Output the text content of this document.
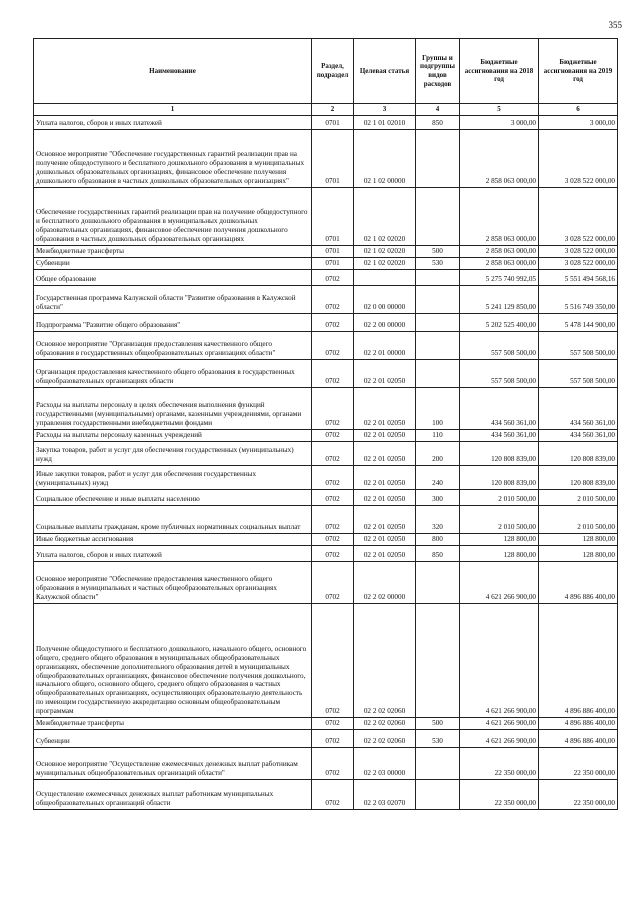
355
Наименование	Раздел, подраздел	Целевая статья	Группы и подгруппы видов расходов	Бюджетные ассигнования на 2018 год	Бюджетные ассигнования на 2019 год
1	2	3	4	5	6
Уплата налогов, сборов и иных платежей	0701	02 1 01 02010	850	3 000,00	3 000,00
Основное мероприятие "Обеспечение государственных гарантий реализации прав на получение общедоступного и бесплатного дошкольного образования в муниципальных дошкольных образовательных организациях, финансовое обеспечение получения дошкольного образования в частных дошкольных образовательных организациях"	0701	02 1 02 00000		2 858 063 000,00	3 028 522 000,00
Обеспечение государственных гарантий реализации прав на получение общедоступного и бесплатного дошкольного образования в муниципальных дошкольных образовательных организациях, финансовое обеспечение получения дошкольного образования в частных дошкольных образовательных организациях	0701	02 1 02 02020		2 858 063 000,00	3 028 522 000,00
Межбюджетные трансферты	0701	02 1 02 02020	500	2 858 063 000,00	3 028 522 000,00
Субвенции	0701	02 1 02 02020	530	2 858 063 000,00	3 028 522 000,00
Общее образование	0702			5 275 740 992,05	5 551 494 568,16
Государственная программа Калужской области "Развитие образования в Калужской области"	0702	02 0 00 00000		5 241 129 850,00	5 516 749 350,00
Подпрограмма "Развитие общего образования"	0702	02 2 00 00000		5 202 525 400,00	5 478 144 900,00
Основное мероприятие "Организация предоставления качественного общего образования в государственных общеобразовательных организациях области"	0702	02 2 01 00000		557 508 500,00	557 508 500,00
Организация предоставления качественного общего образования в государственных общеобразовательных организациях области	0702	02 2 01 02050		557 508 500,00	557 508 500,00
Расходы на выплаты персоналу в целях обеспечения выполнения функций государственными (муниципальными) органами, казенными учреждениями, органами управления государственными внебюджетными фондами	0702	02 2 01 02050	100	434 560 361,00	434 560 361,00
Расходы на выплаты персоналу казенных учреждений	0702	02 2 01 02050	110	434 560 361,00	434 560 361,00
Закупка товаров, работ и услуг для обеспечения государственных (муниципальных) нужд	0702	02 2 01 02050	200	120 808 839,00	120 808 839,00
Иные закупки товаров, работ и услуг для обеспечения государственных (муниципальных) нужд	0702	02 2 01 02050	240	120 808 839,00	120 808 839,00
Социальное обеспечение и иные выплаты населению	0702	02 2 01 02050	300	2 010 500,00	2 010 500,00
Социальные выплаты гражданам, кроме публичных нормативных социальных выплат	0702	02 2 01 02050	320	2 010 500,00	2 010 500,00
Иные бюджетные ассигнования	0702	02 2 01 02050	800	128 800,00	128 800,00
Уплата налогов, сборов и иных платежей	0702	02 2 01 02050	850	128 800,00	128 800,00
Основное мероприятие "Обеспечение предоставления качественного общего образования в муниципальных и частных общеобразовательных организациях Калужской области"	0702	02 2 02 00000		4 621 266 900,00	4 896 886 400,00
Получение общедоступного и бесплатного дошкольного, начального общего, основного общего, среднего общего образования в муниципальных общеобразовательных организациях, обеспечение дополнительного образования детей в муниципальных общеобразовательных организациях, финансовое обеспечение получения дошкольного, начального общего, основного общего, среднего общего образования в частных общеобразовательных организациях, осуществляющих образовательную деятельность по имеющим государственную аккредитацию основным общеобразовательным программам	0702	02 2 02 02060		4 621 266 900,00	4 896 886 400,00
Межбюджетные трансферты	0702	02 2 02 02060	500	4 621 266 900,00	4 896 886 400,00
Субвенции	0702	02 2 02 02060	530	4 621 266 900,00	4 896 886 400,00
Основное мероприятие "Осуществление ежемесячных денежных выплат работникам муниципальных общеобразовательных организаций области"	0702	02 2 03 00000		22 350 000,00	22 350 000,00
Осуществление ежемесячных денежных выплат работникам муниципальных общеобразовательных организаций области	0702	02 2 03 02070		22 350 000,00	22 350 000,00
